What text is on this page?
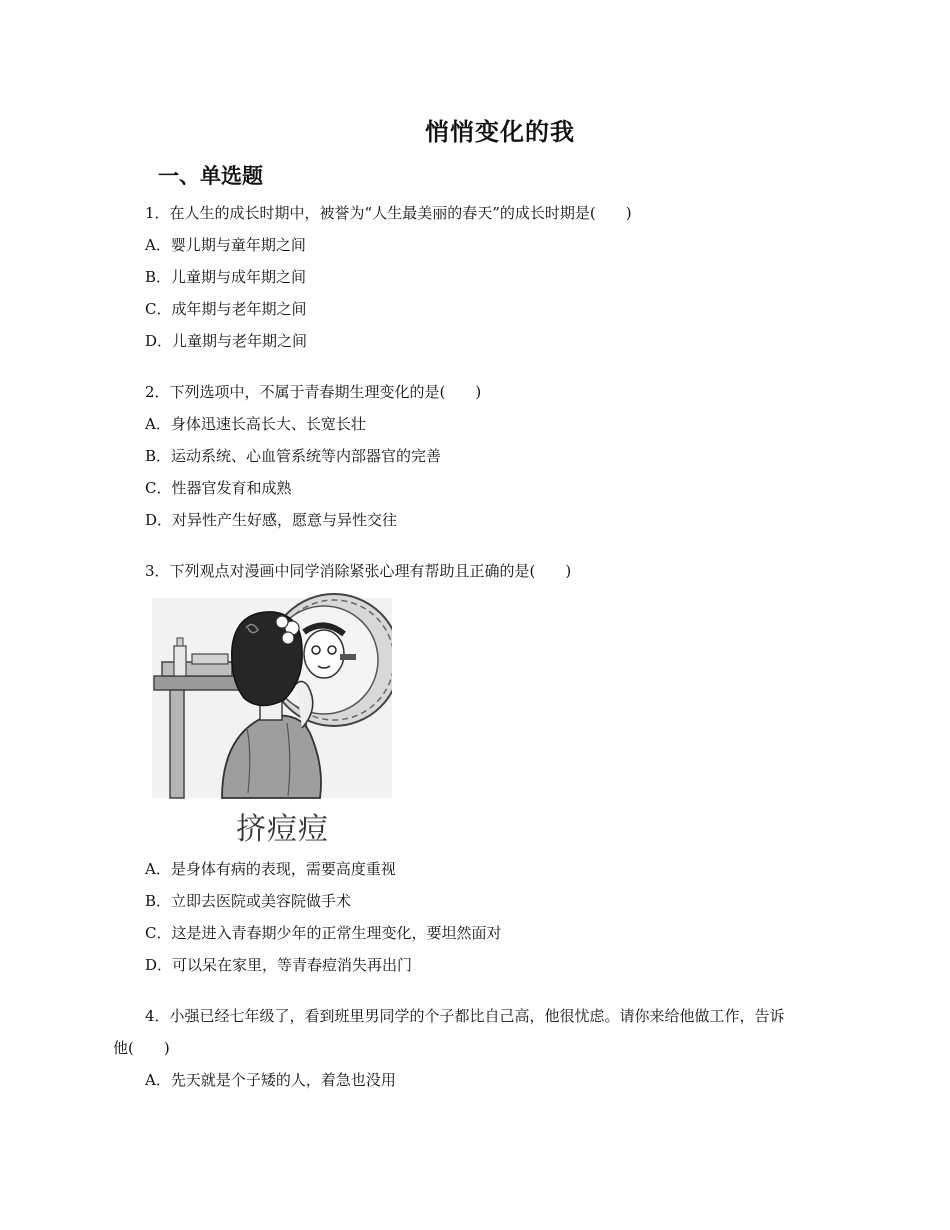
悄悄变化的我
一、单选题
1．在人生的成长时期中，被誉为“人生最美丽的春天”的成长时期是(　　)
A．婴儿期与童年期之间
B．儿童期与成年期之间
C．成年期与老年期之间
D．儿童期与老年期之间
2．下列选项中，不属于青春期生理变化的是(　　)
A．身体迅速长高长大、长宽长壮
B．运动系统、心血管系统等内部器官的完善
C．性器官发育和成熟
D．对异性产生好感，愿意与异性交往
3．下列观点对漫画中同学消除紧张心理有帮助且正确的是(　　)
挤痘痘
A．是身体有病的表现，需要高度重视
B．立即去医院或美容院做手术
C．这是进入青春期少年的正常生理变化，要坦然面对
D．可以呆在家里，等青春痘消失再出门
4．小强已经七年级了，看到班里男同学的个子都比自己高，他很忧虑。请你来给他做工作，告诉
他(　　)
A．先天就是个子矮的人，着急也没用
